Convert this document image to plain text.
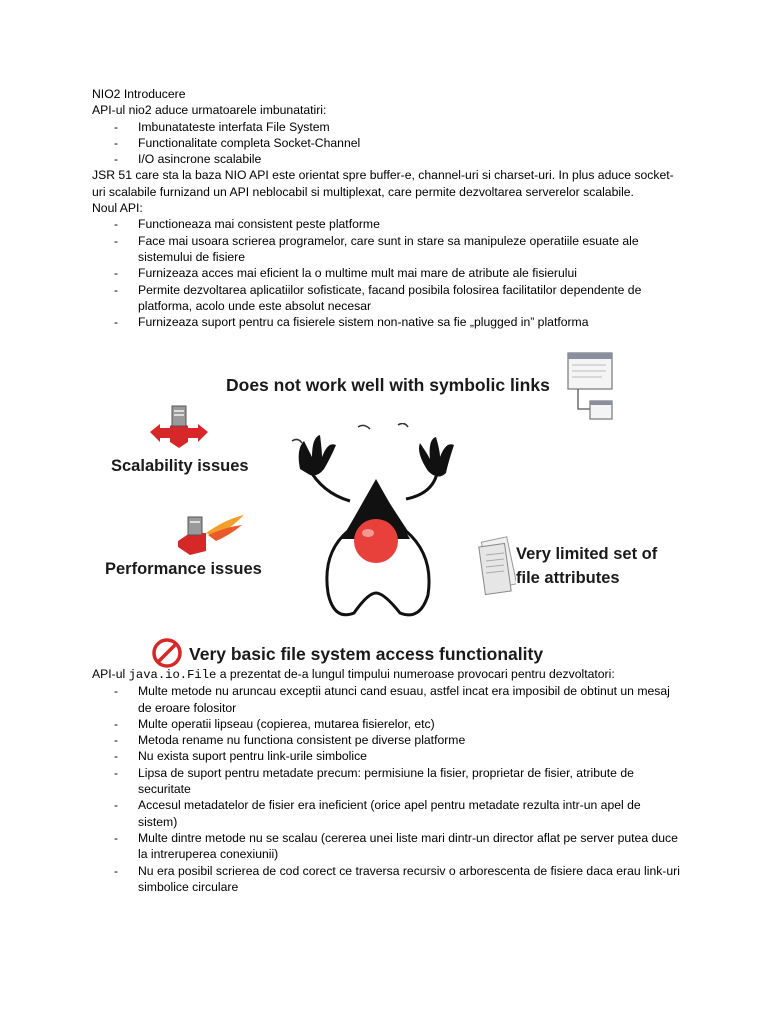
NIO2 Introducere
API-ul nio2 aduce urmatoarele imbunatatiri:
- Imbunatateste interfata File System
- Functionalitate completa Socket-Channel
- I/O asincrone scalabile
JSR 51 care sta la baza NIO API este orientat spre buffer-e, channel-uri si charset-uri. In plus aduce socket-uri scalabile furnizand un API neblocabil si multiplexat, care permite dezvoltarea serverelor scalabile.
Noul API:
- Functioneaza mai consistent peste platforme
- Face mai usoara scrierea programelor, care sunt in stare sa manipuleze operatiile esuate ale sistemului de fisiere
- Furnizeaza acces mai eficient la o multime mult mai mare de atribute ale fisierului
- Permite dezvoltarea aplicatiilor sofisticate, facand posibila folosirea facilitatilor dependente de platforma, acolo unde este absolut necesar
- Furnizeaza suport pentru ca fisierele sistem non-native sa fie „plugged in” platforma
Does not work well with symbolic links
Scalability issues
Performance issues
Very limited set of
file attributes
Very basic file system access functionality
API-ul java.io.File a prezentat de-a lungul timpului numeroase provocari pentru dezvoltatori:
- Multe metode nu aruncau exceptii atunci cand esuau, astfel incat era imposibil de obtinut un mesaj de eroare folositor
- Multe operatii lipseau (copierea, mutarea fisierelor, etc)
- Metoda rename nu functiona consistent pe diverse platforme
- Nu exista suport pentru link-urile simbolice
- Lipsa de suport pentru metadate precum: permisiune la fisier, proprietar de fisier, atribute de securitate
- Accesul metadatelor de fisier era ineficient (orice apel pentru metadate rezulta intr-un apel de sistem)
- Multe dintre metode nu se scalau (cererea unei liste mari dintr-un director aflat pe server putea duce la intreruperea conexiunii)
- Nu era posibil scrierea de cod corect ce traversa recursiv o arborescenta de fisiere daca erau link-uri simbolice circulare
